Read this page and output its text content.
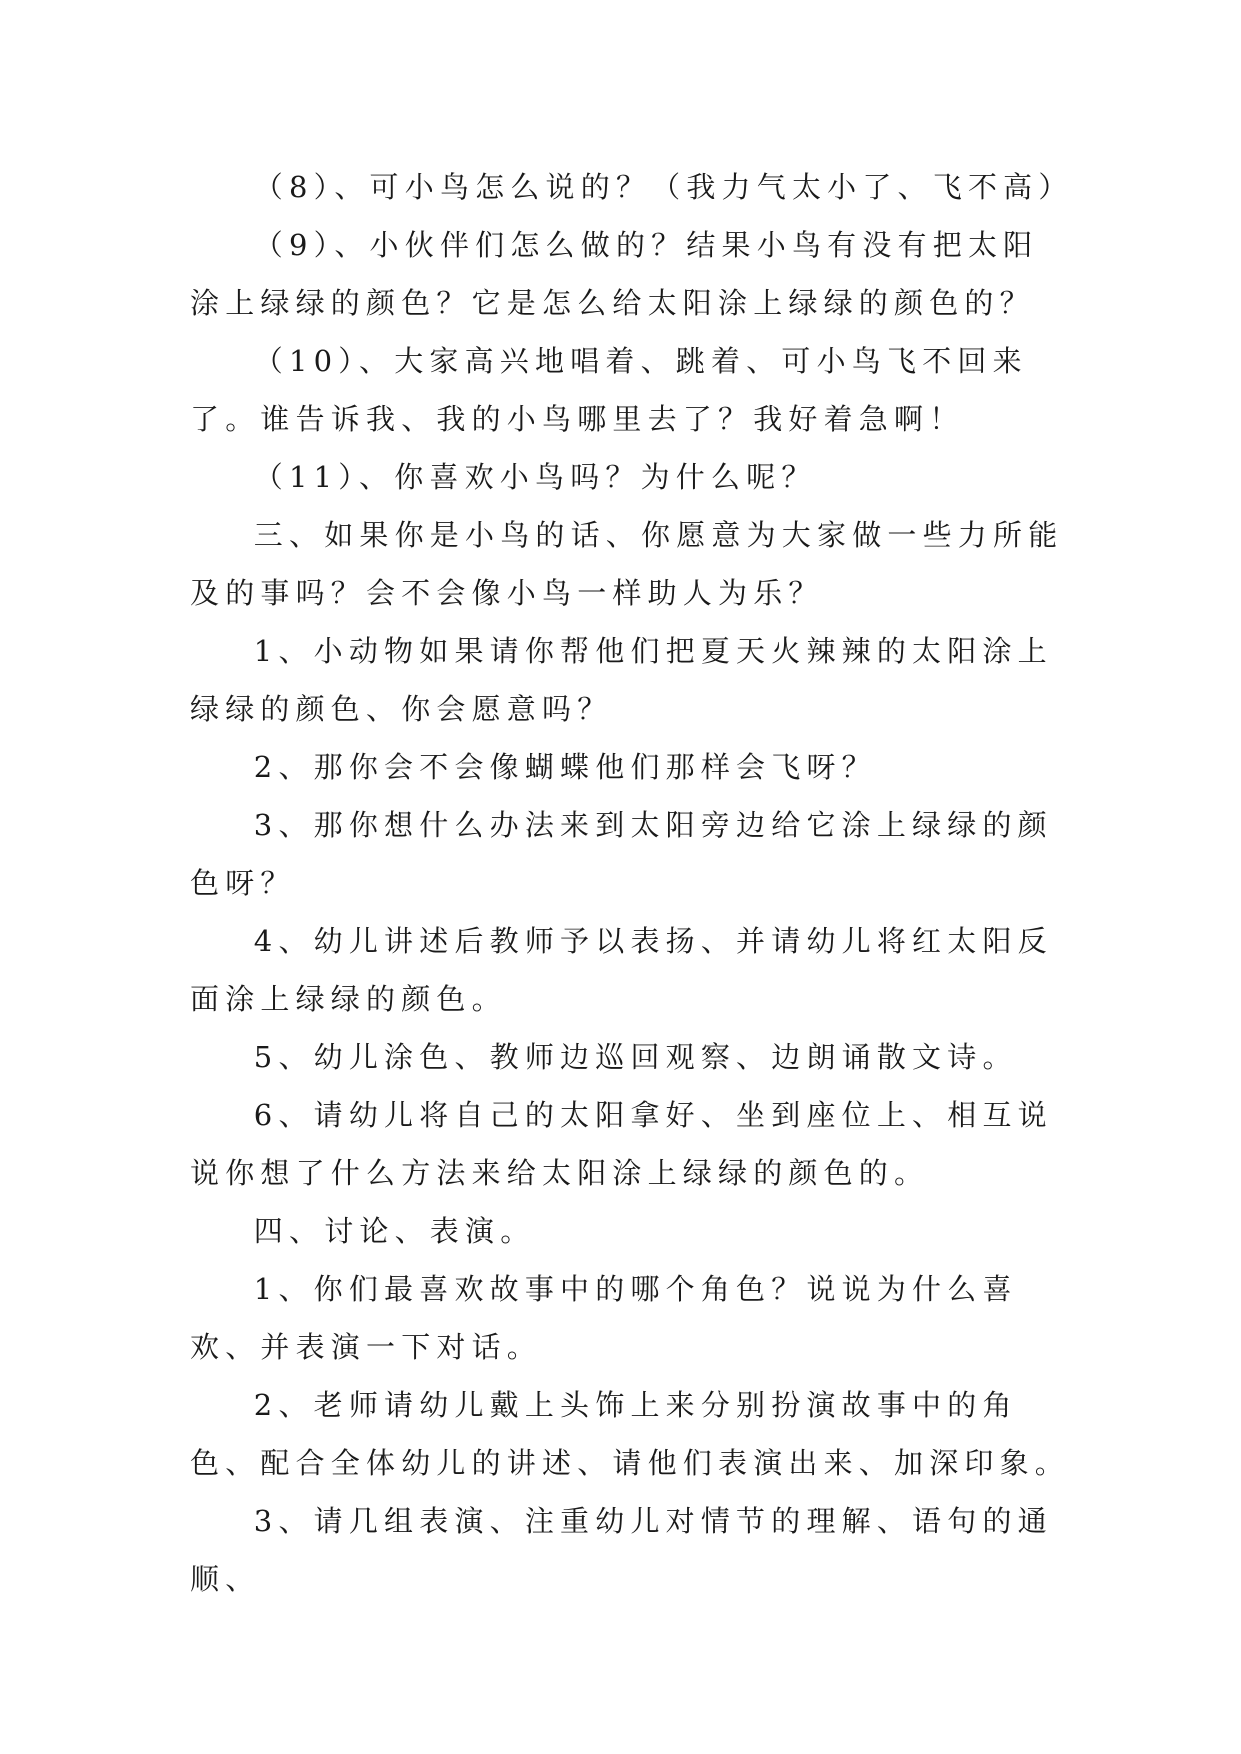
（8）、可小鸟怎么说的？（我力气太小了、飞不高）

（9）、小伙伴们怎么做的？结果小鸟有没有把太阳涂上绿绿的颜色？它是怎么给太阳涂上绿绿的颜色的？

（10）、大家高兴地唱着、跳着、可小鸟飞不回来了。谁告诉我、我的小鸟哪里去了？我好着急啊！

（11）、你喜欢小鸟吗？为什么呢？

三、如果你是小鸟的话、你愿意为大家做一些力所能及的事吗？会不会像小鸟一样助人为乐？

1、小动物如果请你帮他们把夏天火辣辣的太阳涂上绿绿的颜色、你会愿意吗？

2、那你会不会像蝴蝶他们那样会飞呀？

3、那你想什么办法来到太阳旁边给它涂上绿绿的颜色呀？

4、幼儿讲述后教师予以表扬、并请幼儿将红太阳反面涂上绿绿的颜色。

5、幼儿涂色、教师边巡回观察、边朗诵散文诗。

6、请幼儿将自己的太阳拿好、坐到座位上、相互说说你想了什么方法来给太阳涂上绿绿的颜色的。

四、讨论、表演。

1、你们最喜欢故事中的哪个角色？说说为什么喜欢、并表演一下对话。

2、老师请幼儿戴上头饰上来分别扮演故事中的角色、配合全体幼儿的讲述、请他们表演出来、加深印象。

3、请几组表演、注重幼儿对情节的理解、语句的通顺、
